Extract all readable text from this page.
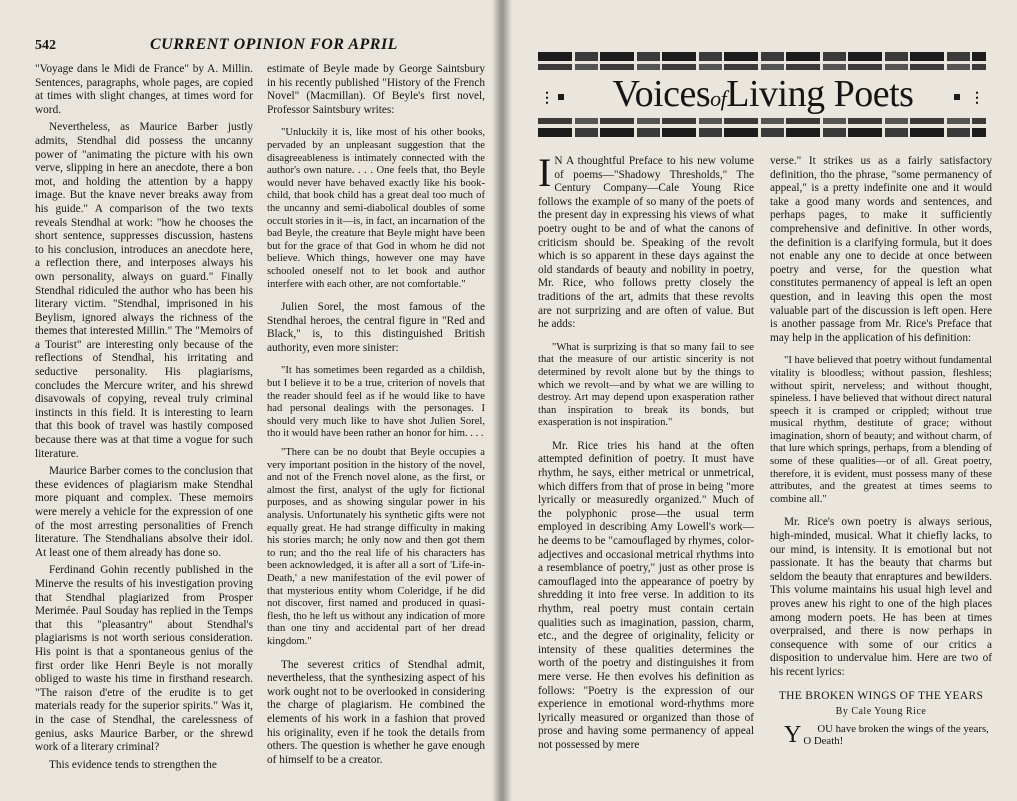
542	CURRENT OPINION FOR APRIL

"Voyage dans le Midi de France" by A. Millin. Sentences, paragraphs, whole pages, are copied at times with slight changes, at times word for word.

Nevertheless, as Maurice Barber justly admits, Stendhal did possess the uncanny power of "animating the picture with his own verve, slipping in here an anecdote, there a bon mot, and holding the attention by a happy image. But the knave never breaks away from his guide." A comparison of the two texts reveals Stendhal at work: "how he chooses the short sentence, suppresses discussion, hastens to his conclusion, introduces an anecdote here, a reflection there, and interposes always his own personality, always on guard." Finally Stendhal ridiculed the author who has been his literary victim. "Stendhal, imprisoned in his Beylism, ignored always the richness of the themes that interested Millin." The "Memoirs of a Tourist" are interesting only because of the reflections of Stendhal, his irritating and seductive personality. His plagiarisms, concludes the Mercure writer, and his shrewd disavowals of copying, reveal truly criminal instincts in this field. It is interesting to learn that this book of travel was hastily composed because there was at that time a vogue for such literature.

Maurice Barber comes to the conclusion that these evidences of plagiarism make Stendhal more piquant and complex. These memoirs were merely a vehicle for the expression of one of the most arresting personalities of French literature. The Stendhalians absolve their idol. At least one of them already has done so.

Ferdinand Gohin recently published in the Minerve the results of his investigation proving that Stendhal plagiarized from Prosper Merimée. Paul Souday has replied in the Temps that this "pleasantry" about Stendhal's plagiarisms is not worth serious consideration. His point is that a spontaneous genius of the first order like Henri Beyle is not morally obliged to waste his time in firsthand research. "The raison d'etre of the erudite is to get materials ready for the superior spirits." Was it, in the case of Stendhal, the carelessness of genius, asks Maurice Barber, or the shrewd work of a literary criminal?

This evidence tends to strengthen the

estimate of Beyle made by George Saintsbury in his recently published "History of the French Novel" (Macmillan). Of Beyle's first novel, Professor Saintsbury writes:

"Unluckily it is, like most of his other books, pervaded by an unpleasant suggestion that the disagreeableness is intimately connected with the author's own nature. . . . One feels that, tho Beyle would never have behaved exactly like his book-child, that book child has a great deal too much of the uncanny and semi-diabolical doubles of some occult stories in it—is, in fact, an incarnation of the bad Beyle, the creature that Beyle might have been but for the grace of that God in whom he did not believe. Which things, however one may have schooled oneself not to let book and author interfere with each other, are not comfortable."

Julien Sorel, the most famous of the Stendhal heroes, the central figure in "Red and Black," is, to this distinguished British authority, even more sinister:

"It has sometimes been regarded as a childish, but I believe it to be a true, criterion of novels that the reader should feel as if he would like to have had personal dealings with the personages. I should very much like to have shot Julien Sorel, tho it would have been rather an honor for him. . . .

"There can be no doubt that Beyle occupies a very important position in the history of the novel, and not of the French novel alone, as the first, or almost the first, analyst of the ugly for fictional purposes, and as showing singular power in his analysis. Unfortunately his synthetic gifts were not equally great. He had strange difficulty in making his stories march; he only now and then got them to run; and tho the real life of his characters has been acknowledged, it is after all a sort of 'Life-in-Death,' a new manifestation of the evil power of that mysterious entity whom Coleridge, if he did not discover, first named and produced in quasi-flesh, tho he left us without any indication of more than one tiny and accidental part of her dread kingdom."

The severest critics of Stendhal admit, nevertheless, that the synthesizing aspect of his work ought not to be overlooked in considering the charge of plagiarism. He combined the elements of his work in a fashion that proved his originality, even if he took the details from others. The question is whether he gave enough of himself to be a creator.

⋮	VoicesofLiving Poets	⋮

I N A thoughtful Preface to his new volume of poems—"Shadowy Thresholds," The Century Company—Cale Young Rice follows the example of so many of the poets of the present day in expressing his views of what poetry ought to be and of what the canons of criticism should be. Speaking of the revolt which is so apparent in these days against the old standards of beauty and nobility in poetry, Mr. Rice, who follows pretty closely the traditions of the art, admits that these revolts are not surprizing and are often of value. But he adds:

"What is surprizing is that so many fail to see that the measure of our artistic sincerity is not determined by revolt alone but by the things to which we revolt—and by what we are willing to destroy. Art may depend upon exasperation rather than inspiration to break its bonds, but exasperation is not inspiration."

Mr. Rice tries his hand at the often attempted definition of poetry. It must have rhythm, he says, either metrical or unmetrical, which differs from that of prose in being "more lyrically or measuredly organized." Much of the polyphonic prose—the usual term employed in describing Amy Lowell's work—he deems to be "camouflaged by rhymes, color-adjectives and occasional metrical rhythms into a resemblance of poetry," just as other prose is camouflaged into the appearance of poetry by shredding it into free verse. In addition to its rhythm, real poetry must contain certain qualities such as imagination, passion, charm, etc., and the degree of originality, felicity or intensity of these qualities determines the worth of the poetry and distinguishes it from mere verse. He then evolves his definition as follows: "Poetry is the expression of our experience in emotional word-rhythms more lyrically measured or organized than those of prose and having some permanency of appeal not possessed by mere

verse." It strikes us as a fairly satisfactory definition, tho the phrase, "some permanency of appeal," is a pretty indefinite one and it would take a good many words and sentences, and perhaps pages, to make it sufficiently comprehensive and definitive. In other words, the definition is a clarifying formula, but it does not enable any one to decide at once between poetry and verse, for the question what constitutes permanency of appeal is left an open question, and in leaving this open the most valuable part of the discussion is left open. Here is another passage from Mr. Rice's Preface that may help in the application of his definition:

"I have believed that poetry without fundamental vitality is bloodless; without passion, fleshless; without spirit, nerveless; and without thought, spineless. I have believed that without direct natural speech it is cramped or crippled; without true musical rhythm, destitute of grace; without imagination, shorn of beauty; and without charm, of that lure which springs, perhaps, from a blending of some of these qualities—or of all. Great poetry, therefore, it is evident, must possess many of these attributes, and the greatest at times seems to combine all."

Mr. Rice's own poetry is always serious, high-minded, musical. What it chiefly lacks, to our mind, is intensity. It is emotional but not passionate. It has the beauty that charms but seldom the beauty that enraptures and bewilders. This volume maintains his usual high level and proves anew his right to one of the high places among modern poets. He has been at times overpraised, and there is now perhaps in consequence with some of our critics a disposition to undervalue him. Here are two of his recent lyrics:

THE BROKEN WINGS OF THE YEARS
By Cale Young Rice

Y OU have broken the wings of the years,
O Death!
